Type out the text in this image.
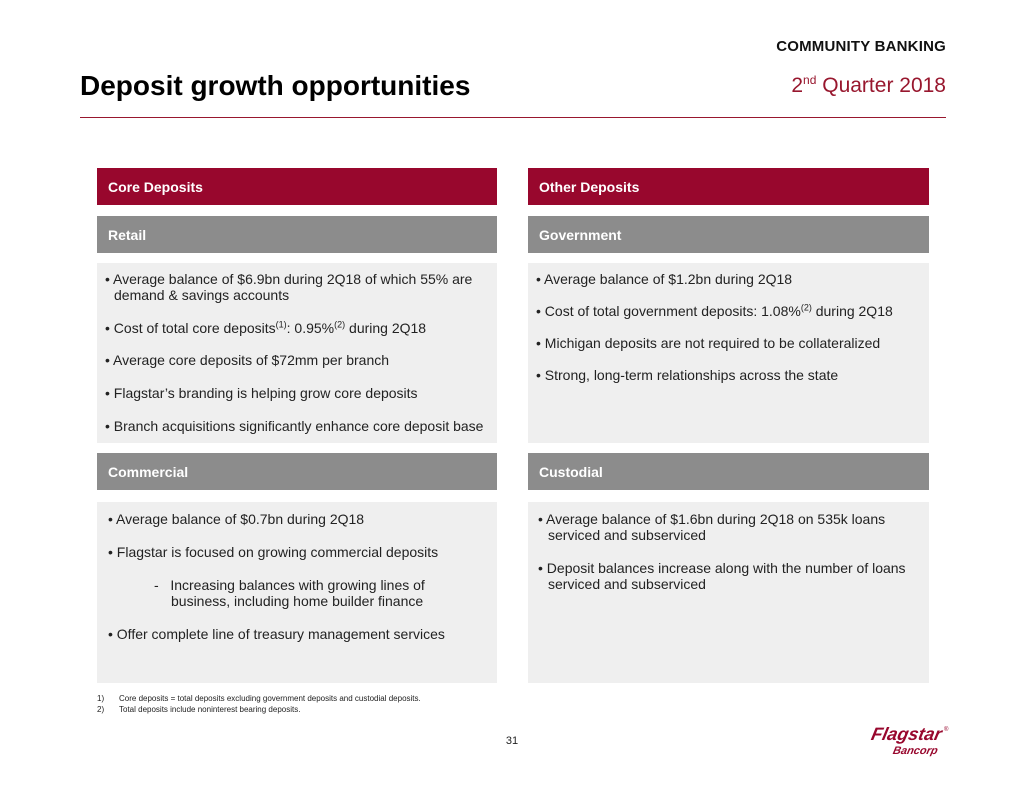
COMMUNITY BANKING
Deposit growth opportunities	2nd Quarter 2018
Core Deposits
Retail

• Average balance of $6.9bn during 2Q18 of which 55% are

demand & savings accounts

• Cost of total core deposits$^{(1)}$: 0.95%$^{(2)}$ during 2Q18

• Average core deposits of $72mm per branch

• Flagstar’s branding is helping grow core deposits

• Branch acquisitions significantly enhance core deposit base

Commercial

• Average balance of $0.7bn during 2Q18

• Flagstar is focused on growing commercial deposits

-   Increasing balances with growing lines of

business, including home builder finance

• Offer complete line of treasury management services

Other Deposits
Government

• Average balance of $1.2bn during 2Q18

• Cost of total government deposits: 1.08%$^{(2)}$ during 2Q18

• Michigan deposits are not required to be collateralized

• Strong, long-term relationships across the state

Custodial

• Average balance of $1.6bn during 2Q18 on 535k loans

serviced and subserviced

• Deposit balances increase along with the number of loans

serviced and subserviced

1)	Core deposits = total deposits excluding government deposits and custodial deposits.
2)	Total deposits include noninterest bearing deposits.
31	Flagstar
Bancorp
®
